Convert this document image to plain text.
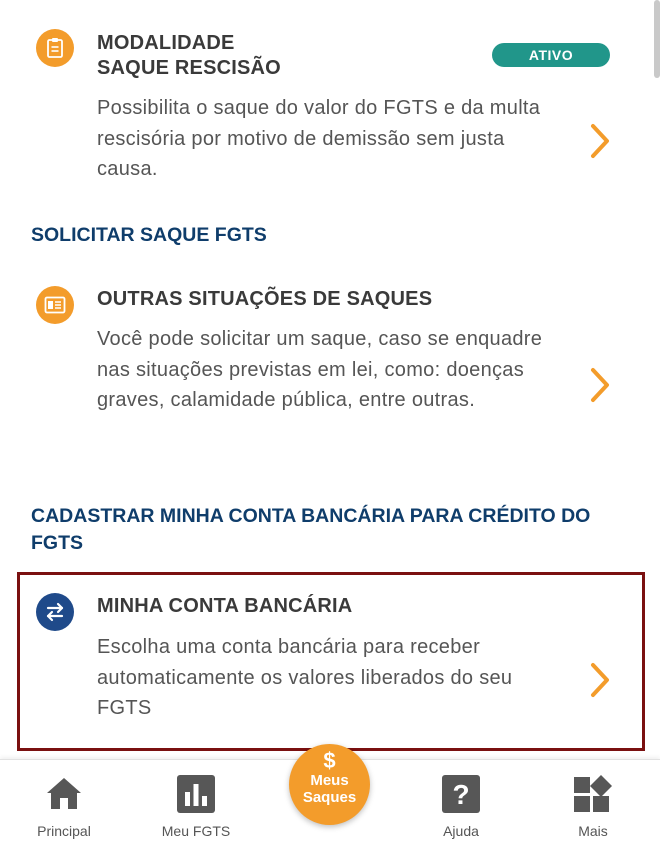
MODALIDADE
SAQUE RESCISÃO
ATIVO
Possibilita o saque do valor do FGTS e da multa rescisória por motivo de demissão sem justa causa.
SOLICITAR SAQUE FGTS
OUTRAS SITUAÇÕES DE SAQUES
Você pode solicitar um saque, caso se enquadre nas situações previstas em lei, como: doenças graves, calamidade pública, entre outras.
CADASTRAR MINHA CONTA BANCÁRIA PARA CRÉDITO DO FGTS
MINHA CONTA BANCÁRIA
Escolha uma conta bancária para receber automaticamente os valores liberados do seu FGTS
Principal	Meu FGTS
?
Ajuda	Mais
$
Meus
Saques
